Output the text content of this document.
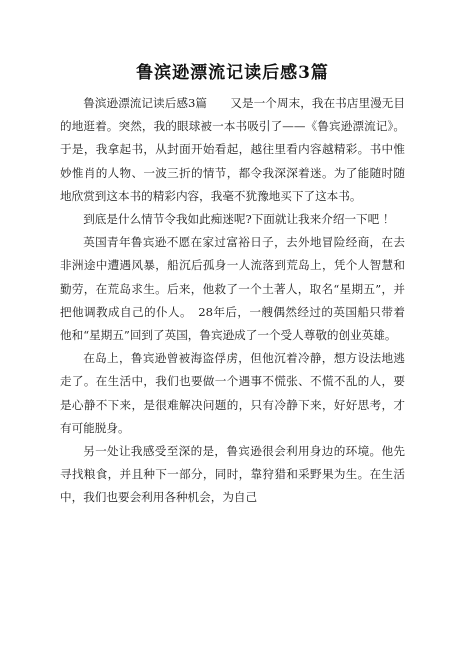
鲁滨逊漂流记读后感3篇

鲁滨逊漂流记读后感3篇　　又是一个周末，我在书店里漫无目的地逛着。突然，我的眼球被一本书吸引了——《鲁宾逊漂流记》。于是，我拿起书，从封面开始看起，越往里看内容越精彩。书中惟妙惟肖的人物、一波三折的情节，都令我深深着迷。为了能随时随地欣赏到这本书的精彩内容，我毫不犹豫地买下了这本书。

到底是什么情节令我如此痴迷呢?下面就让我来介绍一下吧 ！

英国青年鲁宾逊不愿在家过富裕日子，去外地冒险经商，在去非洲途中遭遇风暴，船沉后孤身一人流落到荒岛上，凭个人智慧和勤劳，在荒岛求生。后来，他救了一个土著人，取名“星期五”，并把他调教成自己的仆人。　28年后，一艘偶然经过的英国船只带着他和“星期五”回到了英国，鲁宾逊成了一个受人尊敬的创业英雄。

在岛上，鲁宾逊曾被海盗俘虏，但他沉着冷静，想方设法地逃走了。在生活中，我们也要做一个遇事不慌张、不慌不乱的人，要是心静不下来，是很难解决问题的，只有冷静下来，好好思考，才有可能脱身。

另一处让我感受至深的是，鲁宾逊很会利用身边的环境。他先寻找粮食，并且种下一部分，同时，靠狩猎和采野果为生。在生活中，我们也要会利用各种机会，为自己
